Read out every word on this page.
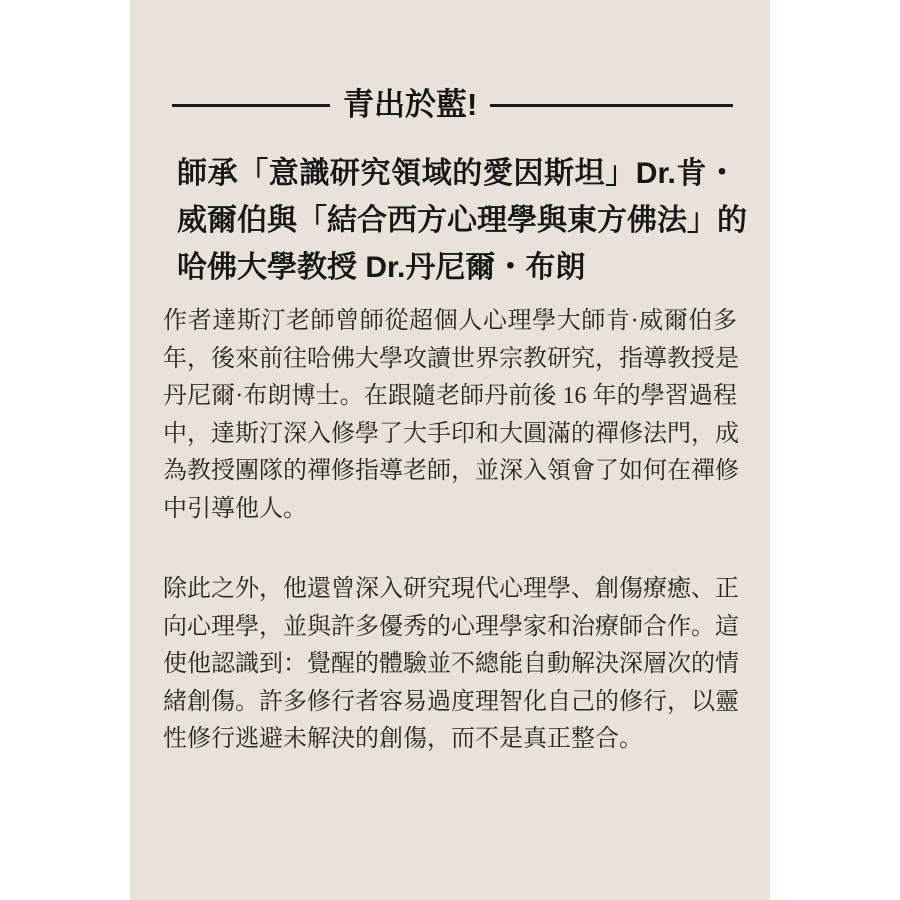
青出於藍!
師承「意識研究領域的愛因斯坦」Dr.肯・
威爾伯與「結合西方心理學與東方佛法」的
哈佛大學教授 Dr.丹尼爾・布朗
作者達斯汀老師曾師從超個人心理學大師肯·威爾伯多
年，後來前往哈佛大學攻讀世界宗教研究，指導教授是
丹尼爾·布朗博士。在跟隨老師丹前後 16 年的學習過程
中，達斯汀深入修學了大手印和大圓滿的禪修法門，成
為教授團隊的禪修指導老師，並深入領會了如何在禪修
中引導他人。
除此之外，他還曾深入研究現代心理學、創傷療癒、正
向心理學，並與許多優秀的心理學家和治療師合作。這
使他認識到：覺醒的體驗並不總能自動解決深層次的情
緒創傷。許多修行者容易過度理智化自己的修行，以靈
性修行逃避未解決的創傷，而不是真正整合。
